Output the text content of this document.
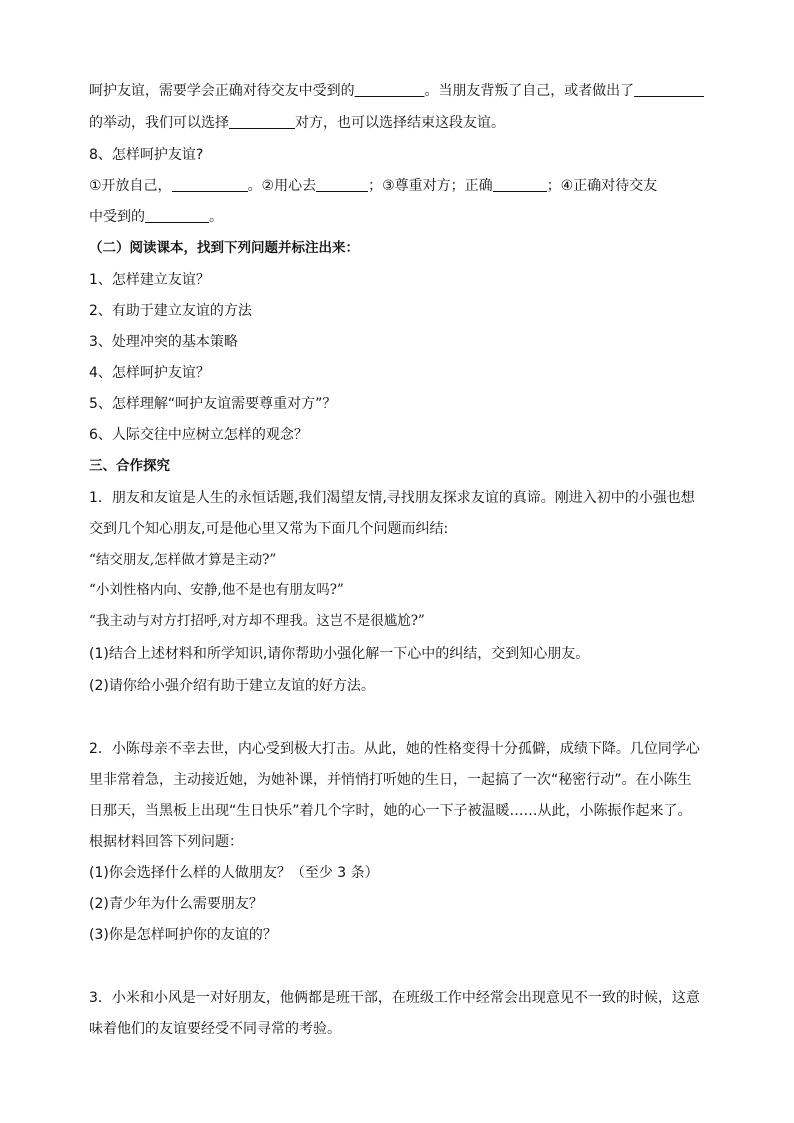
呵护友谊，需要学会正确对待交友中受到的	。当朋友背叛了自己，或者做出了
的举动，我们可以选择	对方，也可以选择结束这段友谊。
8、怎样呵护友谊?
①开放自己，	。②用心去	；③尊重对方；正确	；④正确对待交友
中受到的	。
（二）阅读课本，找到下列问题并标注出来：
1、怎样建立友谊？
2、有助于建立友谊的方法
3、处理冲突的基本策略
4、怎样呵护友谊？
5、怎样理解“呵护友谊需要尊重对方”？
6、人际交往中应树立怎样的观念？
三、合作探究
1．朋友和友谊是人生的永恒话题,我们渴望友情,寻找朋友探求友谊的真谛。刚进入初中的小强也想
交到几个知心朋友,可是他心里又常为下面几个问题而纠结:
“结交朋友,怎样做才算是主动?”
“小刘性格内向、安静,他不是也有朋友吗?”
“我主动与对方打招呼,对方却不理我。这岂不是很尴尬?”
(1)结合上述材料和所学知识,请你帮助小强化解一下心中的纠结，交到知心朋友。
(2)请你给小强介绍有助于建立友谊的好方法。
2．小陈母亲不幸去世，内心受到极大打击。从此，她的性格变得十分孤僻，成绩下降。几位同学心
里非常着急，主动接近她，为她补课，并悄悄打听她的生日，一起搞了一次“秘密行动”。在小陈生
日那天，当黑板上出现“生日快乐”着几个字时，她的心一下子被温暖……从此，小陈振作起来了。
根据材料回答下列问题：
(1)你会选择什么样的人做朋友？（至少 3 条）
(2)青少年为什么需要朋友？
(3)你是怎样呵护你的友谊的？
3．小米和小风是一对好朋友，他俩都是班干部，在班级工作中经常会出现意见不一致的时候，这意
味着他们的友谊要经受不同寻常的考验。
